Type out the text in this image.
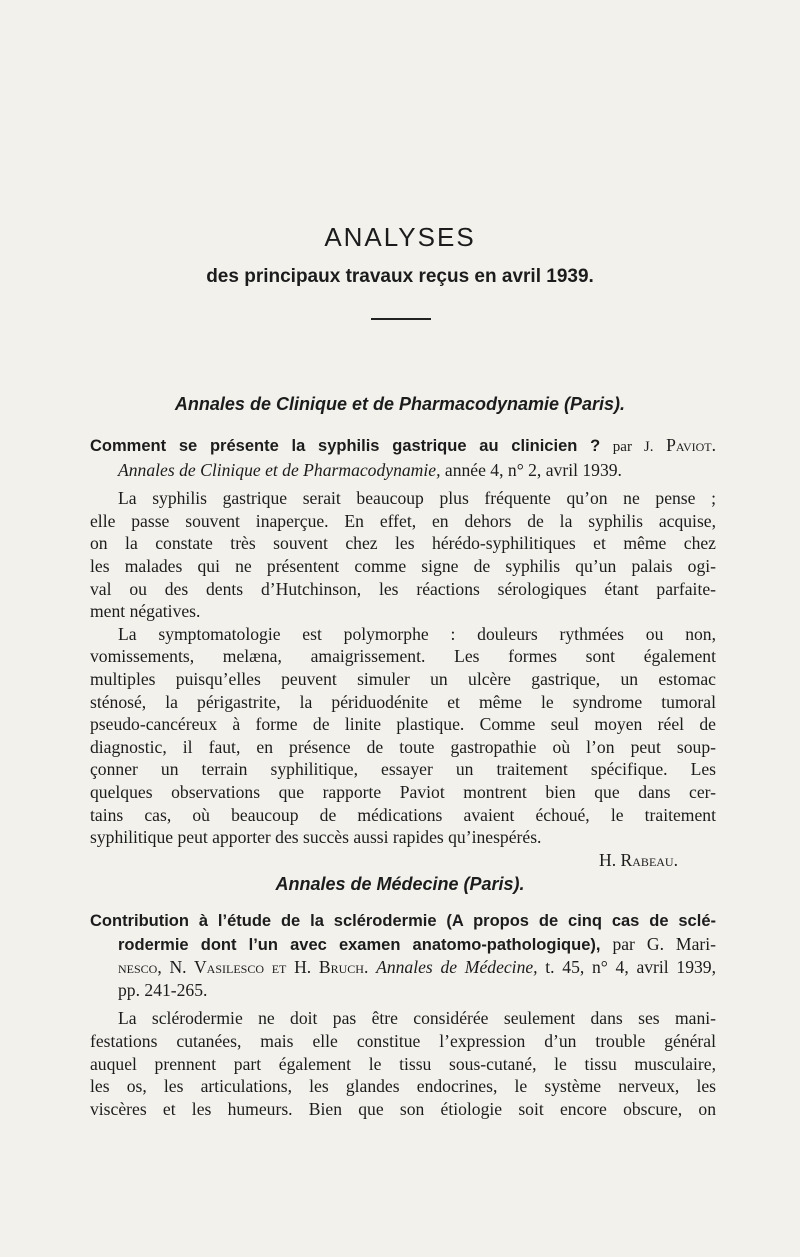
ANALYSES
des principaux travaux reçus en avril 1939.
Annales de Clinique et de Pharmacodynamie (Paris).
Comment se présente la syphilis gastrique au clinicien ? par J. Paviot.
Annales de Clinique et de Pharmacodynamie, année 4, n° 2, avril 1939.
La syphilis gastrique serait beaucoup plus fréquente qu’on ne pense ;
elle passe souvent inaperçue. En effet, en dehors de la syphilis acquise,
on la constate très souvent chez les hérédo-syphilitiques et même chez
les malades qui ne présentent comme signe de syphilis qu’un palais ogi-
val ou des dents d’Hutchinson, les réactions sérologiques étant parfaite-
ment négatives.
La symptomatologie est polymorphe : douleurs rythmées ou non,
vomissements, melæna, amaigrissement. Les formes sont également
multiples puisqu’elles peuvent simuler un ulcère gastrique, un estomac
sténosé, la périgastrite, la périduodénite et même le syndrome tumoral
pseudo-cancéreux à forme de linite plastique. Comme seul moyen réel de
diagnostic, il faut, en présence de toute gastropathie où l’on peut soup-
çonner un terrain syphilitique, essayer un traitement spécifique. Les
quelques observations que rapporte Paviot montrent bien que dans cer-
tains cas, où beaucoup de médications avaient échoué, le traitement
syphilitique peut apporter des succès aussi rapides qu’inespérés.
H. Rabeau.
Annales de Médecine (Paris).
Contribution à l’étude de la sclérodermie (A propos de cinq cas de sclé-
rodermie dont l’un avec examen anatomo-pathologique), par G. Mari-
nesco, N. Vasilesco et H. Bruch. Annales de Médecine, t. 45, n° 4, avril 1939,
pp. 241-265.
La sclérodermie ne doit pas être considérée seulement dans ses mani-
festations cutanées, mais elle constitue l’expression d’un trouble général
auquel prennent part également le tissu sous-cutané, le tissu musculaire,
les os, les articulations, les glandes endocrines, le système nerveux, les
viscères et les humeurs. Bien que son étiologie soit encore obscure, on
